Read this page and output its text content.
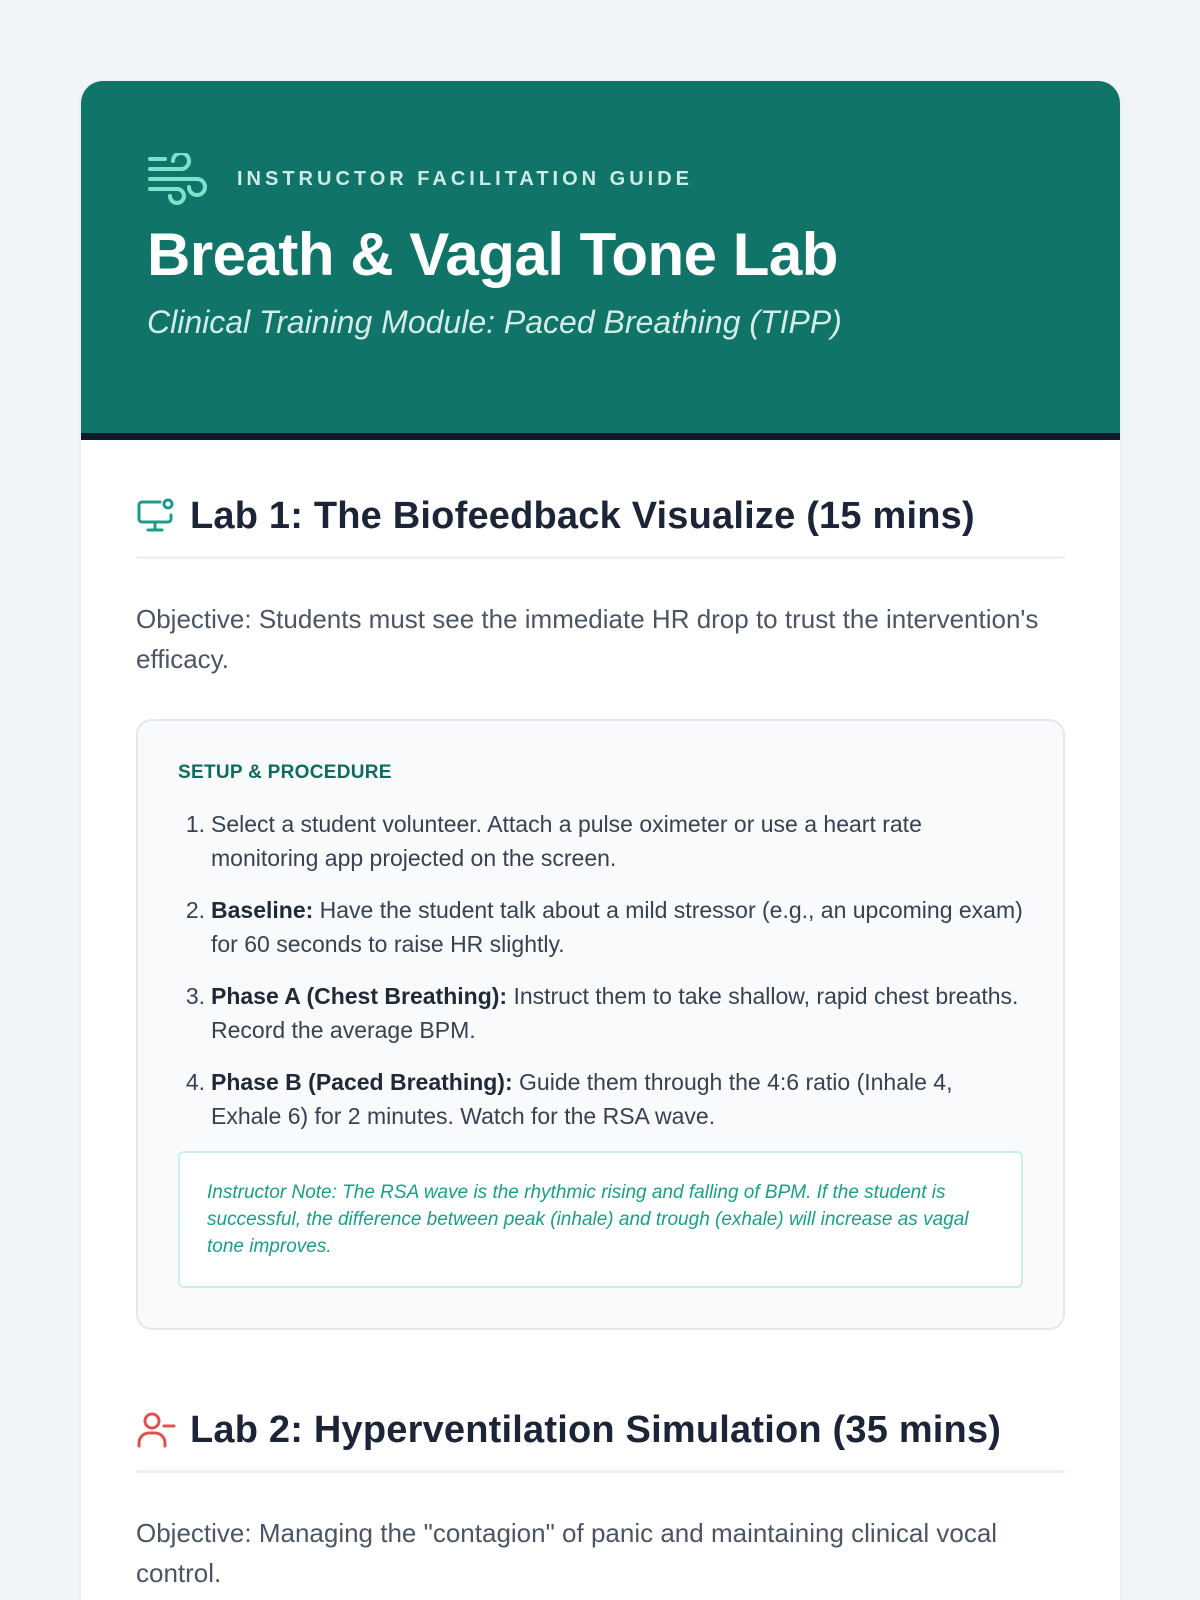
INSTRUCTOR FACILITATION GUIDE
Breath & Vagal Tone Lab
Clinical Training Module: Paced Breathing (TIPP)
Lab 1: The Biofeedback Visualize (15 mins)

Objective: Students must see the immediate HR drop to trust the intervention's efficacy.

SETUP & PROCEDURE
1. Select a student volunteer. Attach a pulse oximeter or use a heart rate monitoring app projected on the screen.
2. Baseline: Have the student talk about a mild stressor (e.g., an upcoming exam) for 60 seconds to raise HR slightly.
3. Phase A (Chest Breathing): Instruct them to take shallow, rapid chest breaths. Record the average BPM.
4. Phase B (Paced Breathing): Guide them through the 4:6 ratio (Inhale 4, Exhale 6) for 2 minutes. Watch for the RSA wave.
Instructor Note: The RSA wave is the rhythmic rising and falling of BPM. If the student is successful, the difference between peak (inhale) and trough (exhale) will increase as vagal tone improves.
Lab 2: Hyperventilation Simulation (35 mins)

Objective: Managing the "contagion" of panic and maintaining clinical vocal control.
